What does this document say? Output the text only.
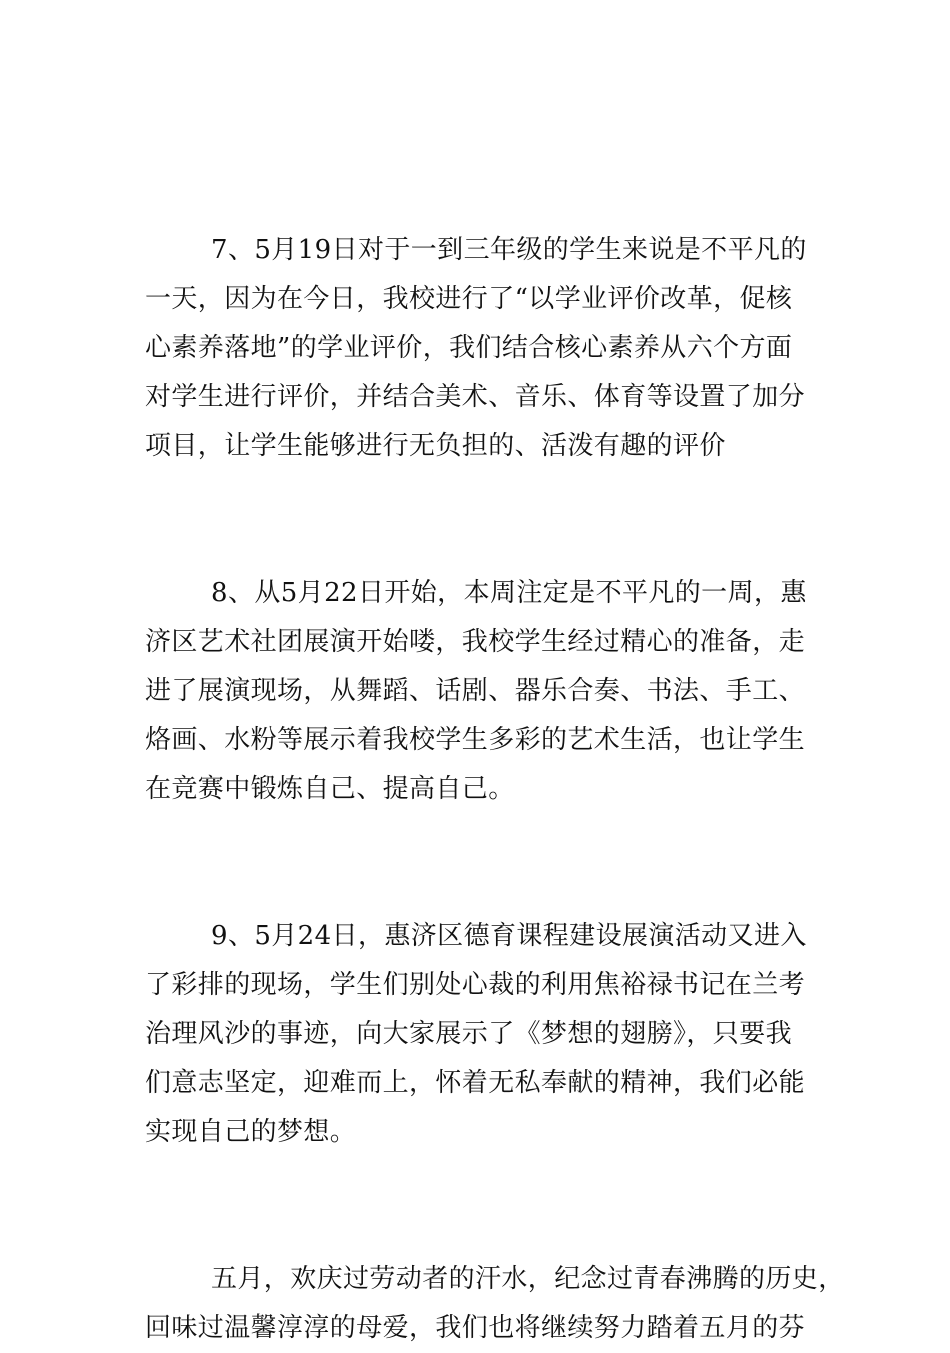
7、5月19日对于一到三年级的学生来说是不平凡的
一天，因为在今日，我校进行了“以学业评价改革，促核
心素养落地”的学业评价，我们结合核心素养从六个方面
对学生进行评价，并结合美术、音乐、体育等设置了加分
项目，让学生能够进行无负担的、活泼有趣的评价

8、从5月22日开始，本周注定是不平凡的一周，惠
济区艺术社团展演开始喽，我校学生经过精心的准备，走
进了展演现场，从舞蹈、话剧、器乐合奏、书法、手工、
烙画、水粉等展示着我校学生多彩的艺术生活，也让学生
在竞赛中锻炼自己、提高自己。

9、5月24日，惠济区德育课程建设展演活动又进入
了彩排的现场，学生们别处心裁的利用焦裕禄书记在兰考
治理风沙的事迹，向大家展示了《梦想的翅膀》，只要我
们意志坚定，迎难而上，怀着无私奉献的精神，我们必能
实现自己的梦想。

五月，欢庆过劳动者的汗水，纪念过青春沸腾的历史，
回味过温馨淳淳的母爱，我们也将继续努力踏着五月的芬
